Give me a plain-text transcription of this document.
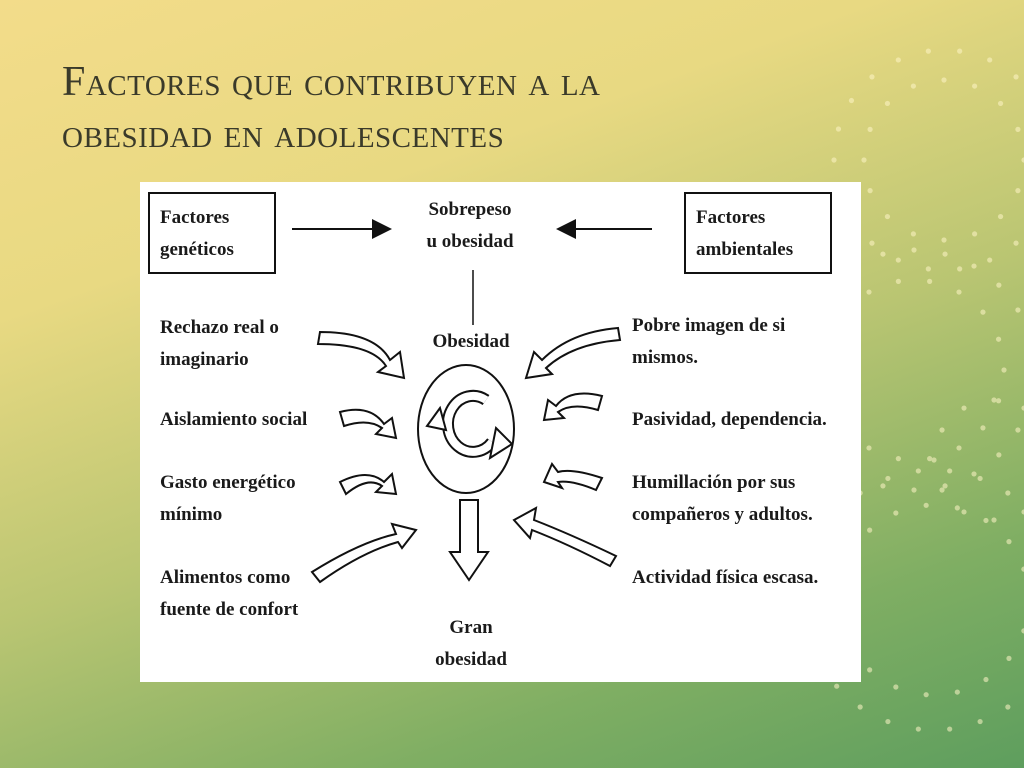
Factores que contribuyen a la
obesidad en adolescentes
Factores
genéticos
Sobrepeso
u obesidad
Factores
ambientales
Obesidad
Gran
obesidad
Rechazo real o
imaginario
Aislamiento social
Gasto energético
mínimo
Alimentos como
fuente de confort
Pobre imagen de si
mismos.
Pasividad, dependencia.
Humillación por sus
compañeros y adultos.
Actividad física escasa.
